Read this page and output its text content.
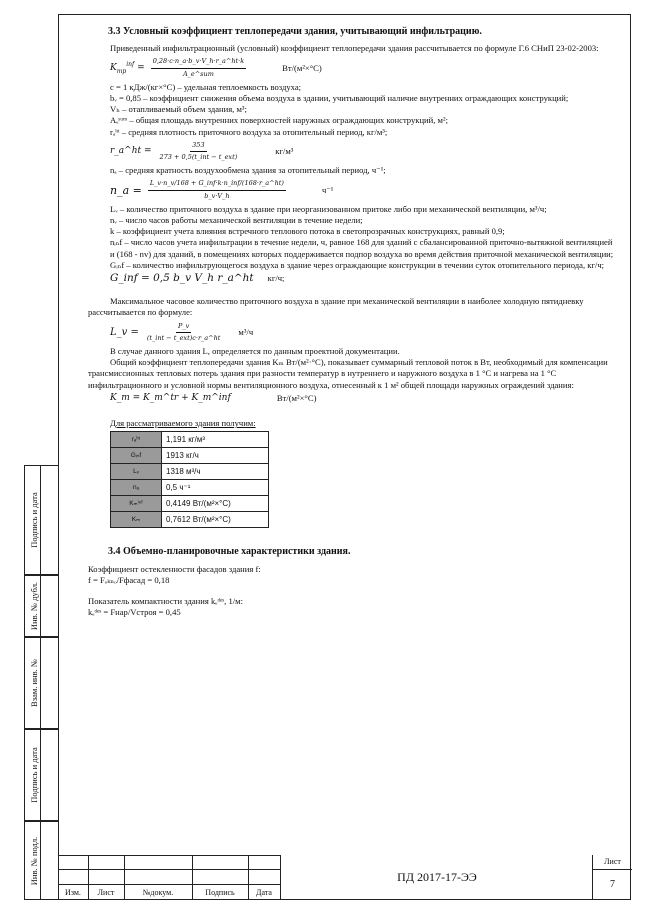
Подпись и дата
Инв. № дубл.
Взам. инв. №
Подпись и дата
Инв. № подл.
3.3 Условный коэффициент теплопередачи здания, учитывающий инфильтрацию.

Приведенный инфильтрационный (условный) коэффициент теплопередачи здания рассчитывается по формуле Г.6 СНиП 23-02-2003:

$K_{тр}^{inf}$ =
0,28·c·n_a·b_v·V_h·r_a^ht·k
A_e^sum
Вт/(м²×°С)
c = 1 кДж/(кг×°С) – удельная теплоемкость воздуха;
bᵥ = 0,85 – коэффициент снижения объема воздуха в здании, учитывающий наличие внутренних ограждающих конструкций;
Vₕ – отапливаемый объем здания, м³;
Aₑˢᵘᵐ – общая площадь внутренних поверхностей наружных ограждающих конструкций, м²;
rₐʰᵗ – средняя плотность приточного воздуха за отопительный период, кг/м³;
r_a^ht =
353
273 + 0,5(t_int − t_ext)
кг/м³
nₐ – средняя кратность воздухообмена здания за отопительный период, ч⁻¹;
n_a =
L_v·n_v/168 + G_inf·k·n_inf/(168·r_a^ht)
b_v·V_h
ч⁻¹
Lᵥ – количество приточного воздуха в здание при неорганизованном притоке либо при механической вентиляции, м³/ч;
nᵥ – число часов работы механической вентиляции в течение недели;
k – коэффициент учета влияния встречного теплового потока в светопрозрачных конструкциях, равный 0,9;
nᵢₙf – число часов учета инфильтрации в течение недели, ч, равное 168 для зданий с сбалансированной приточно-вытяжной вентиляцией и (168 - nv) для зданий, в помещениях которых поддерживается подпор воздуха во время действия приточной механической вентиляции;
Gᵢₙf – количество инфильтрующегося воздуха в здание через ограждающие конструкции в течении суток отопительного периода, кг/ч;
G_inf = 0,5 b_v V_h r_a^ht кг/ч;

Максимальное часовое количество приточного воздуха в здание при механической вентиляции в наиболее холодную пятидневку рассчитывается по формуле:

L_v =
P_v
(t_int − t_ext)c·r_a^ht
м³/ч

В случае данного здания L, определяется по данным проектной документации.

Общий коэффициент теплопередачи здания Kₘ Вт/(м²·°С), показывает суммарный тепловой поток в Вт, необходимый для компенсации трансмиссионных тепловых потерь здания при разности температур в нутреннего и наружного воздуха в 1 °С и нагрева на 1 °С инфильтрационного и условной нормы вентиляционного воздуха, отнесенный к 1 м² общей площади наружных ограждений здания:

K_m = K_m^tr + K_m^inf	Вт/(м²×°С)

Для рассматриваемого здания получим:

rₐʰᵗ	1,191 кг/м³
Gᵢₙf	1913 кг/ч
Lᵥ	1318 м³/ч
nₐ	0,5 ч⁻¹
Kₘⁱⁿᶠ	0,4149 Вт/(м²×°С)
Kₘ	0,7612 Вт/(м²×°С)
3.4 Объемно-планировочные характеристики здания.

Коэффициент остекленности фасадов здания f:

f = Fₒₖₙₒ/Fфасад = 0,18

Показатель компактности здания kₑᵈᵉˢ, 1/м:

kₑᵈᵉˢ = Fнар/Vстроя = 0,45

Изм.	Лист	№докум.	Подпись	Дата
ПД 2017-17-ЭЭ
Лист
7
